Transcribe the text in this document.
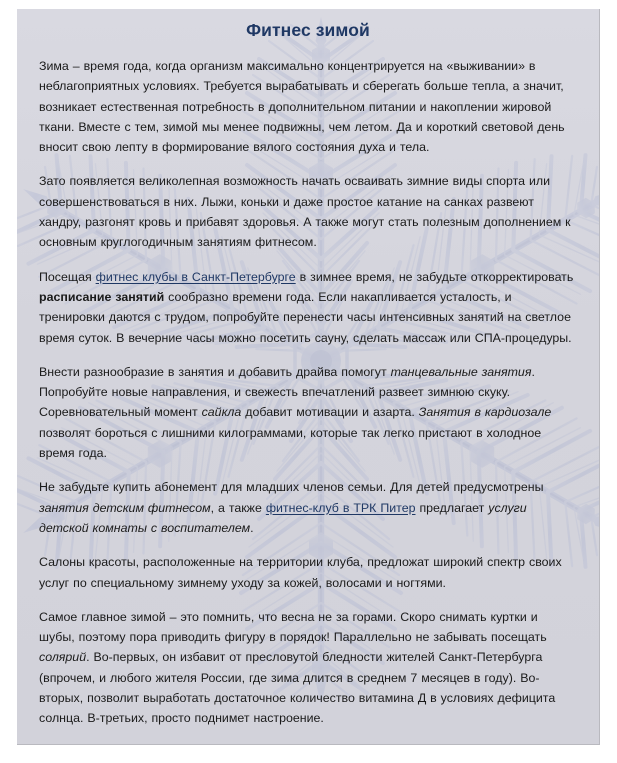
Фитнес зимой

Зима – время года, когда организм максимально концентрируется на «выживании» в неблагоприятных условиях. Требуется вырабатывать и сберегать больше тепла, а значит, возникает естественная потребность в дополнительном питании и накоплении жировой ткани. Вместе с тем, зимой мы менее подвижны, чем летом. Да и короткий световой день вносит свою лепту в формирование вялого состояния духа и тела.

Зато появляется великолепная возможность начать осваивать зимние виды спорта или совершенствоваться в них. Лыжи, коньки и даже простое катание на санках развеют хандру, разгонят кровь и прибавят здоровья. А также могут стать полезным дополнением к основным круглогодичным занятиям фитнесом.

Посещая фитнес клубы в Санкт-Петербурге в зимнее время, не забудьте откорректировать расписание занятий сообразно времени года. Если накапливается усталость, и тренировки даются с трудом, попробуйте перенести часы интенсивных занятий на светлое время суток. В вечерние часы можно посетить сауну, сделать массаж или СПА-процедуры.

Внести разнообразие в занятия и добавить драйва помогут танцевальные занятия. Попробуйте новые направления, и свежесть впечатлений развеет зимнюю скуку. Соревновательный момент сайкла добавит мотивации и азарта. Занятия в кардиозале позволят бороться с лишними килограммами, которые так легко пристают в холодное время года.

Не забудьте купить абонемент для младших членов семьи. Для детей предусмотрены занятия детским фитнесом, а также фитнес-клуб в ТРК Питер предлагает услуги детской комнаты с воспитателем.

Салоны красоты, расположенные на территории клуба, предложат широкий спектр своих услуг по специальному зимнему уходу за кожей, волосами и ногтями.

Самое главное зимой – это помнить, что весна не за горами. Скоро снимать куртки и шубы, поэтому пора приводить фигуру в порядок! Параллельно не забывать посещать солярий. Во-первых, он избавит от пресловутой бледности жителей Санкт-Петербурга (впрочем, и любого жителя России, где зима длится в среднем 7 месяцев в году). Во-вторых, позволит выработать достаточное количество витамина Д в условиях дефицита солнца. В-третьих, просто поднимет настроение.
